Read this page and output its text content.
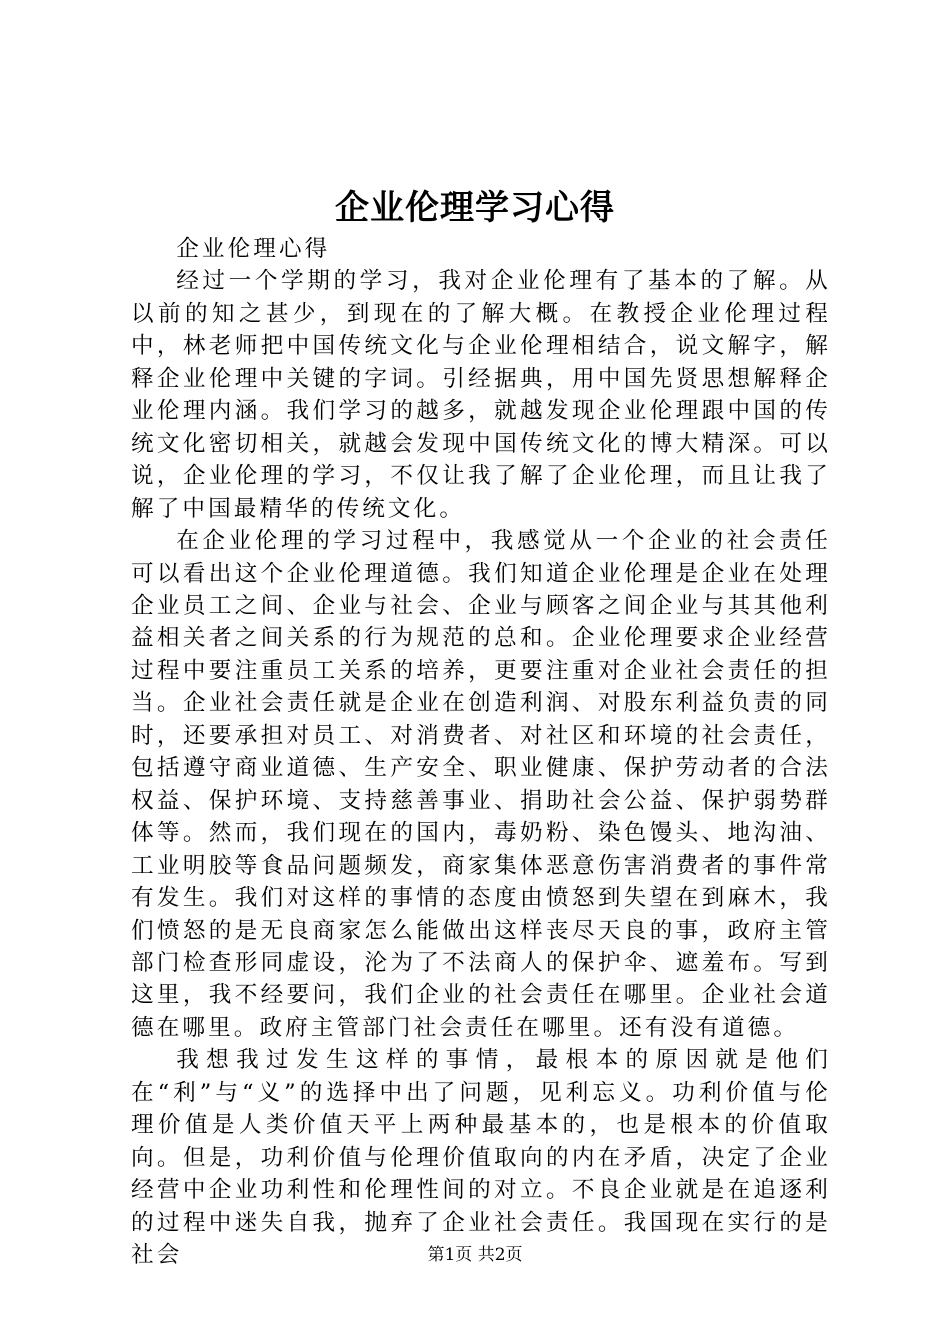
企业伦理学习心得

企业伦理心得

经过一个学期的学习，我对企业伦理有了基本的了解。从以前的知之甚少，到现在的了解大概。在教授企业伦理过程中，林老师把中国传统文化与企业伦理相结合，说文解字，解释企业伦理中关键的字词。引经据典，用中国先贤思想解释企业伦理内涵。我们学习的越多，就越发现企业伦理跟中国的传统文化密切相关，就越会发现中国传统文化的博大精深。可以说，企业伦理的学习，不仅让我了解了企业伦理，而且让我了解了中国最精华的传统文化。

在企业伦理的学习过程中，我感觉从一个企业的社会责任可以看出这个企业伦理道德。我们知道企业伦理是企业在处理企业员工之间、企业与社会、企业与顾客之间企业与其其他利益相关者之间关系的行为规范的总和。企业伦理要求企业经营过程中要注重员工关系的培养，更要注重对企业社会责任的担当。企业社会责任就是企业在创造利润、对股东利益负责的同时，还要承担对员工、对消费者、对社区和环境的社会责任，包括遵守商业道德、生产安全、职业健康、保护劳动者的合法权益、保护环境、支持慈善事业、捐助社会公益、保护弱势群体等。然而，我们现在的国内，毒奶粉、染色馒头、地沟油、工业明胶等食品问题频发，商家集体恶意伤害消费者的事件常有发生。我们对这样的事情的态度由愤怒到失望在到麻木，我们愤怒的是无良商家怎么能做出这样丧尽天良的事，政府主管部门检查形同虚设，沦为了不法商人的保护伞、遮羞布。写到这里，我不经要问，我们企业的社会责任在哪里。企业社会道德在哪里。政府主管部门社会责任在哪里。还有没有道德。

我想我过发生这样的事情，最根本的原因就是他们在“利”与“义”的选择中出了问题，见利忘义。功利价值与伦理价值是人类价值天平上两种最基本的，也是根本的价值取向。但是，功利价值与伦理价值取向的内在矛盾，决定了企业经营中企业功利性和伦理性间的对立。不良企业就是在追逐利的过程中迷失自我，抛弃了企业社会责任。我国现在实行的是社会	第1页 共2页
